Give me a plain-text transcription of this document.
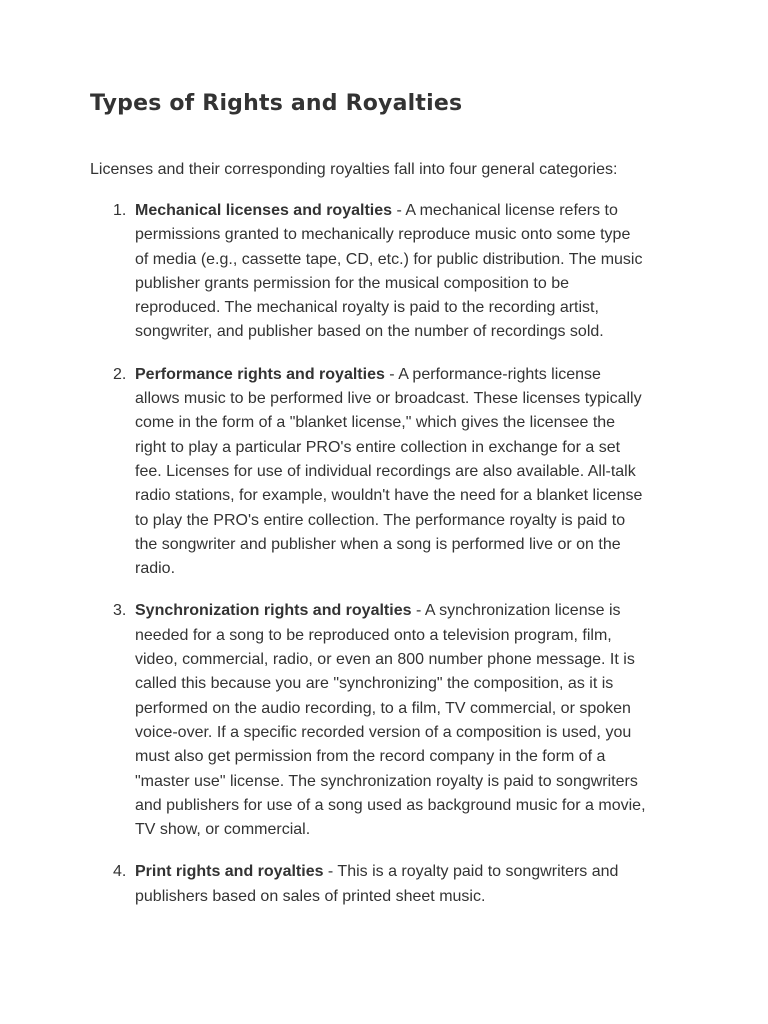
Types of Rights and Royalties

Licenses and their corresponding royalties fall into four general categories:

1. Mechanical licenses and royalties - A mechanical license refers to
permissions granted to mechanically reproduce music onto some type
of media (e.g., cassette tape, CD, etc.) for public distribution. The music
publisher grants permission for the musical composition to be
reproduced. The mechanical royalty is paid to the recording artist,
songwriter, and publisher based on the number of recordings sold.
2. Performance rights and royalties - A performance-rights license
allows music to be performed live or broadcast. These licenses typically
come in the form of a "blanket license," which gives the licensee the
right to play a particular PRO's entire collection in exchange for a set
fee. Licenses for use of individual recordings are also available. All-talk
radio stations, for example, wouldn't have the need for a blanket license
to play the PRO's entire collection. The performance royalty is paid to
the songwriter and publisher when a song is performed live or on the
radio.
3. Synchronization rights and royalties - A synchronization license is
needed for a song to be reproduced onto a television program, film,
video, commercial, radio, or even an 800 number phone message. It is
called this because you are "synchronizing" the composition, as it is
performed on the audio recording, to a film, TV commercial, or spoken
voice-over. If a specific recorded version of a composition is used, you
must also get permission from the record company in the form of a
"master use" license. The synchronization royalty is paid to songwriters
and publishers for use of a song used as background music for a movie,
TV show, or commercial.
4. Print rights and royalties - This is a royalty paid to songwriters and
publishers based on sales of printed sheet music.
